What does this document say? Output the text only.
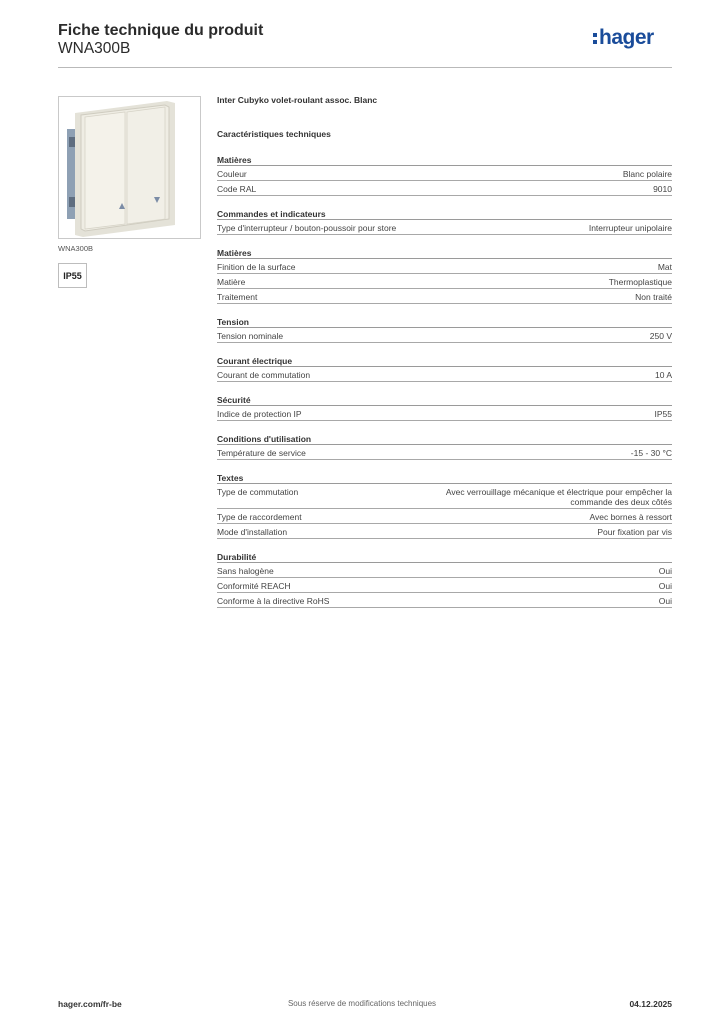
Fiche technique du produit
WNA300B	hager
WNA300B
IP55
Inter Cubyko volet-roulant assoc. Blanc
Caractéristiques techniques
Matières
Couleur	Blanc polaire
Code RAL	9010
Commandes et indicateurs
Type d'interrupteur / bouton-poussoir pour store	Interrupteur unipolaire
Matières
Finition de la surface	Mat
Matière	Thermoplastique
Traitement	Non traité
Tension
Tension nominale	250 V
Courant électrique
Courant de commutation	10 A
Sécurité
Indice de protection IP	IP55
Conditions d'utilisation
Température de service	-15 - 30 °C
Textes
Type de commutation	Avec verrouillage mécanique et électrique pour empêcher la commande des deux côtés
Type de raccordement	Avec bornes à ressort
Mode d'installation	Pour fixation par vis
Durabilité
Sans halogène	Oui
Conformité REACH	Oui
Conforme à la directive RoHS	Oui
hager.com/fr-be	Sous réserve de modifications techniques	04.12.2025
